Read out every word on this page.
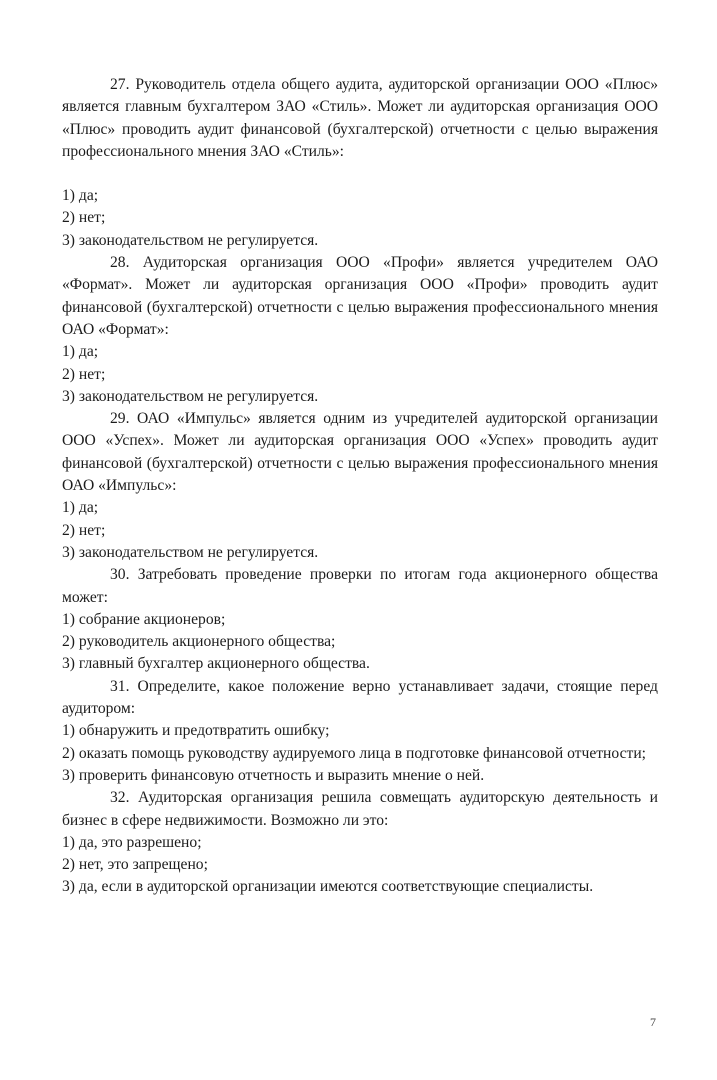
27. Руководитель отдела общего аудита, аудиторской организации ООО «Плюс» является главным бухгалтером ЗАО «Стиль». Может ли аудиторская организация ООО «Плюс» проводить аудит финансовой (бухгалтерской) отчетности с целью выражения профессионального мнения ЗАО «Стиль»:

1) да;

2) нет;

3) законодательством не регулируется.

28. Аудиторская организация ООО «Профи» является учредителем ОАО «Формат». Может ли аудиторская организация ООО «Профи» проводить аудит финансовой (бухгалтерской) отчетности с целью выражения профессионального мнения ОАО «Формат»:

1) да;

2) нет;

3) законодательством не регулируется.

29. ОАО «Импульс» является одним из учредителей аудиторской организации ООО «Успех». Может ли аудиторская организация ООО «Успех» проводить аудит финансовой (бухгалтерской) отчетности с целью выражения профессионального мнения ОАО «Импульс»:

1) да;

2) нет;

3) законодательством не регулируется.

30. Затребовать проведение проверки по итогам года акционерного общества может:

1) собрание акционеров;

2) руководитель акционерного общества;

3) главный бухгалтер акционерного общества.

31. Определите, какое положение верно устанавливает задачи, стоящие перед аудитором:

1) обнаружить и предотвратить ошибку;

2) оказать помощь руководству аудируемого лица в подготовке финансовой отчетности;

3) проверить финансовую отчетность и выразить мнение о ней.

32. Аудиторская организация решила совмещать аудиторскую деятельность и бизнес в сфере недвижимости. Возможно ли это:

1) да, это разрешено;

2) нет, это запрещено;

3) да, если в аудиторской организации имеются соответствующие специалисты.

7
